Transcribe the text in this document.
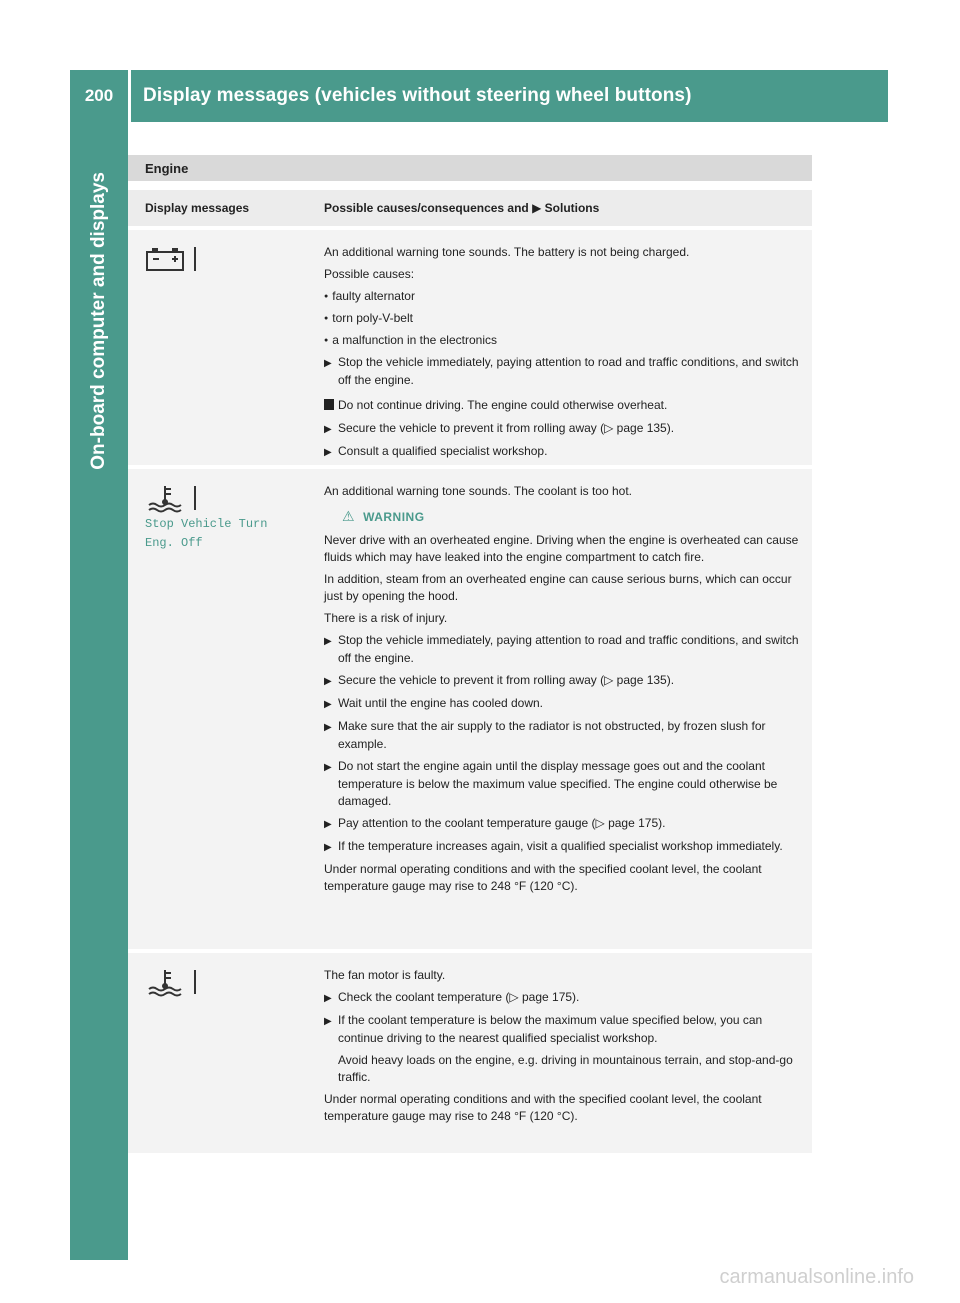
200	Display messages (vehicles without steering wheel buttons)
On-board computer and displays
Engine
Display messages	Possible causes/consequences and ▶ Solutions

An additional warning tone sounds. The battery is not being charged.

Possible causes:

● faulty alternator
● torn poly-V-belt
● a malfunction in the electronics
▶ Stop the vehicle immediately, paying attention to road and traffic conditions, and switch off the engine.
Do not continue driving. The engine could otherwise overheat.
▶ Secure the vehicle to prevent it from rolling away (▷ page 135).
▶ Consult a qualified specialist workshop.
Stop Vehicle Turn
Eng. Off

An additional warning tone sounds. The coolant is too hot.

⚠ WARNING

Never drive with an overheated engine. Driving when the engine is overheated can cause fluids which may have leaked into the engine compartment to catch fire.

In addition, steam from an overheated engine can cause serious burns, which can occur just by opening the hood.

There is a risk of injury.

▶ Stop the vehicle immediately, paying attention to road and traffic conditions, and switch off the engine.
▶ Secure the vehicle to prevent it from rolling away (▷ page 135).
▶ Wait until the engine has cooled down.
▶ Make sure that the air supply to the radiator is not obstructed, by frozen slush for example.
▶ Do not start the engine again until the display message goes out and the coolant temperature is below the maximum value specified. The engine could otherwise be damaged.
▶ Pay attention to the coolant temperature gauge (▷ page 175).
▶ If the temperature increases again, visit a qualified specialist workshop immediately.

Under normal operating conditions and with the specified coolant level, the coolant temperature gauge may rise to 248 °F (120 °C).

The fan motor is faulty.

▶ Check the coolant temperature (▷ page 175).
▶ If the coolant temperature is below the maximum value specified below, you can continue driving to the nearest qualified specialist workshop.

Avoid heavy loads on the engine, e.g. driving in mountainous terrain, and stop-and-go traffic.

Under normal operating conditions and with the specified coolant level, the coolant temperature gauge may rise to 248 °F (120 °C).

carmanualsonline.info
